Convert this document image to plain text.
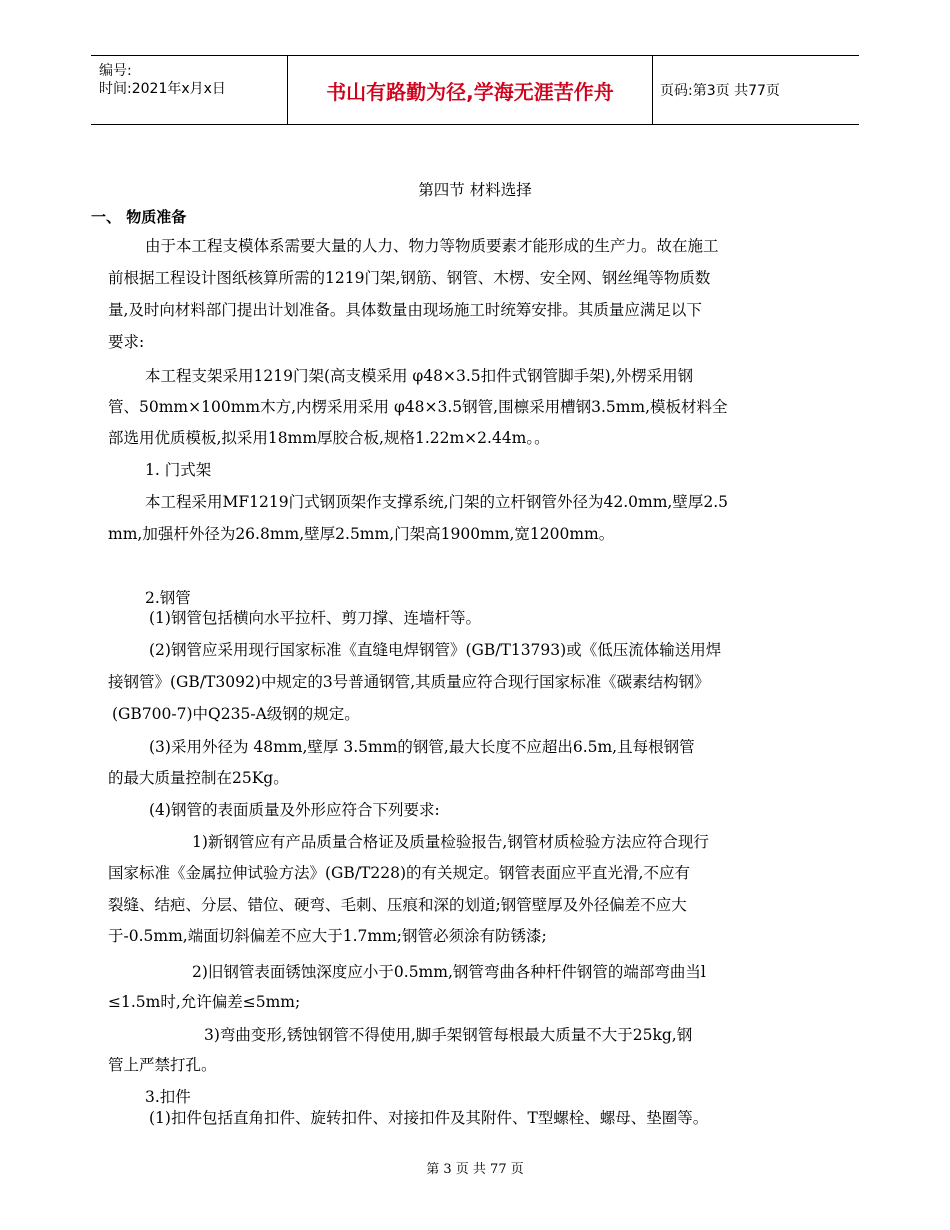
编号:
时间:2021年x月x日	书山有路勤为径,学海无涯苦作舟	页码:第3页 共77页
第四节 材料选择
一、 物质准备
由于本工程支模体系需要大量的人力、物力等物质要素才能形成的生产力。故在施工
前根据工程设计图纸核算所需的1219门架,钢筋、钢管、木楞、安全网、钢丝绳等物质数
量,及时向材料部门提出计划准备。具体数量由现场施工时统筹安排。其质量应满足以下
要求:
本工程支架采用1219门架(高支模采用 φ48×3.5扣件式钢管脚手架),外楞采用钢
管、50mm×100mm木方,内楞采用采用 φ48×3.5钢管,围檩采用槽钢3.5mm,模板材料全
部选用优质模板,拟采用18mm厚胶合板,规格1.22m×2.44m。。
1. 门式架
本工程采用MF1219门式钢顶架作支撑系统,门架的立杆钢管外径为42.0mm,壁厚2.5
mm,加强杆外径为26.8mm,壁厚2.5mm,门架高1900mm,宽1200mm。
2.钢管
(1)钢管包括横向水平拉杆、剪刀撑、连墙杆等。
(2)钢管应采用现行国家标准《直缝电焊钢管》(GB/T13793)或《低压流体输送用焊
接钢管》(GB/T3092)中规定的3号普通钢管,其质量应符合现行国家标准《碳素结构钢》
(GB700-7)中Q235-A级钢的规定。
(3)采用外径为 48mm,壁厚 3.5mm的钢管,最大长度不应超出6.5m,且每根钢管
的最大质量控制在25Kg。
(4)钢管的表面质量及外形应符合下列要求:
1)新钢管应有产品质量合格证及质量检验报告,钢管材质检验方法应符合现行
国家标准《金属拉伸试验方法》(GB/T228)的有关规定。钢管表面应平直光滑,不应有
裂缝、结疤、分层、错位、硬弯、毛刺、压痕和深的划道;钢管壁厚及外径偏差不应大
于-0.5mm,端面切斜偏差不应大于1.7mm;钢管必须涂有防锈漆;
2)旧钢管表面锈蚀深度应小于0.5mm,钢管弯曲各种杆件钢管的端部弯曲当l
≤1.5m时,允许偏差≤5mm;
3)弯曲变形,锈蚀钢管不得使用,脚手架钢管每根最大质量不大于25kg,钢
管上严禁打孔。
3.扣件
(1)扣件包括直角扣件、旋转扣件、对接扣件及其附件、T型螺栓、螺母、垫圈等。
第 3 页 共 77 页
